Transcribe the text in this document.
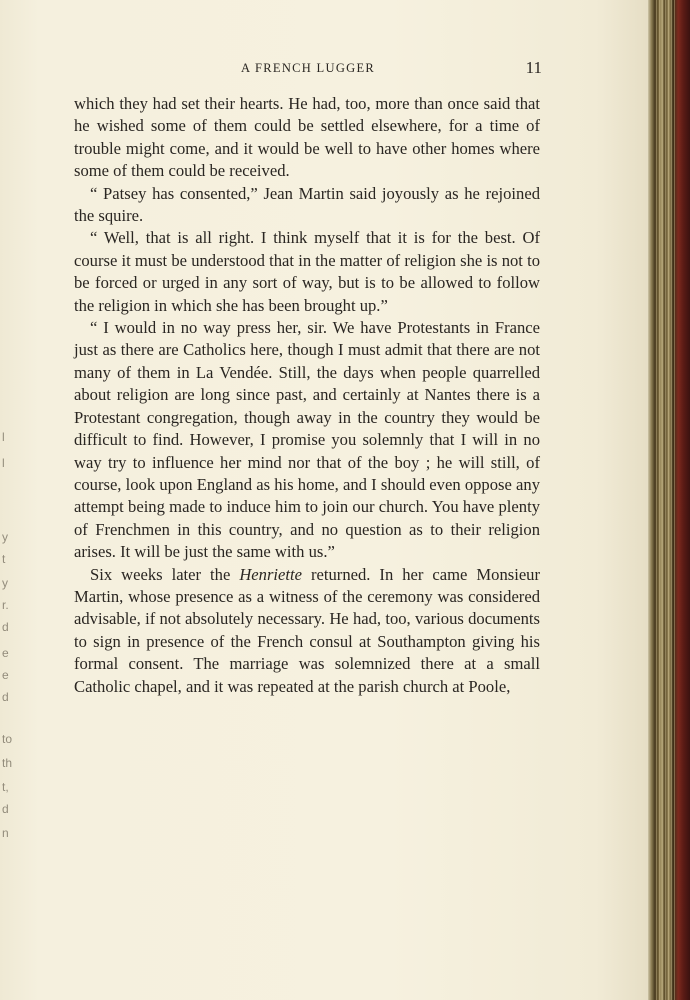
l
l
y
t
y
r.
d
e
e
d
to
th
t,
d
n
A FRENCH LUGGER	11

which they had set their hearts. He had, too, more than once said that he wished some of them could be settled elsewhere, for a time of trouble might come, and it would be well to have other homes where some of them could be received.

“ Patsey has consented,” Jean Martin said joyously as he rejoined the squire.

“ Well, that is all right. I think myself that it is for the best. Of course it must be understood that in the matter of religion she is not to be forced or urged in any sort of way, but is to be allowed to follow the religion in which she has been brought up.”

“ I would in no way press her, sir. We have Protestants in France just as there are Catholics here, though I must admit that there are not many of them in La Vendée. Still, the days when people quarrelled about religion are long since past, and certainly at Nantes there is a Protestant congregation, though away in the country they would be difficult to find. However, I promise you solemnly that I will in no way try to influence her mind nor that of the boy ; he will still, of course, look upon England as his home, and I should even oppose any attempt being made to induce him to join our church. You have plenty of Frenchmen in this country, and no question as to their religion arises. It will be just the same with us.”

Six weeks later the Henriette returned. In her came Monsieur Martin, whose presence as a witness of the ceremony was considered advisable, if not absolutely necessary. He had, too, various documents to sign in presence of the French consul at Southampton giving his formal consent. The marriage was solemnized there at a small Catholic chapel, and it was repeated at the parish church at Poole,
